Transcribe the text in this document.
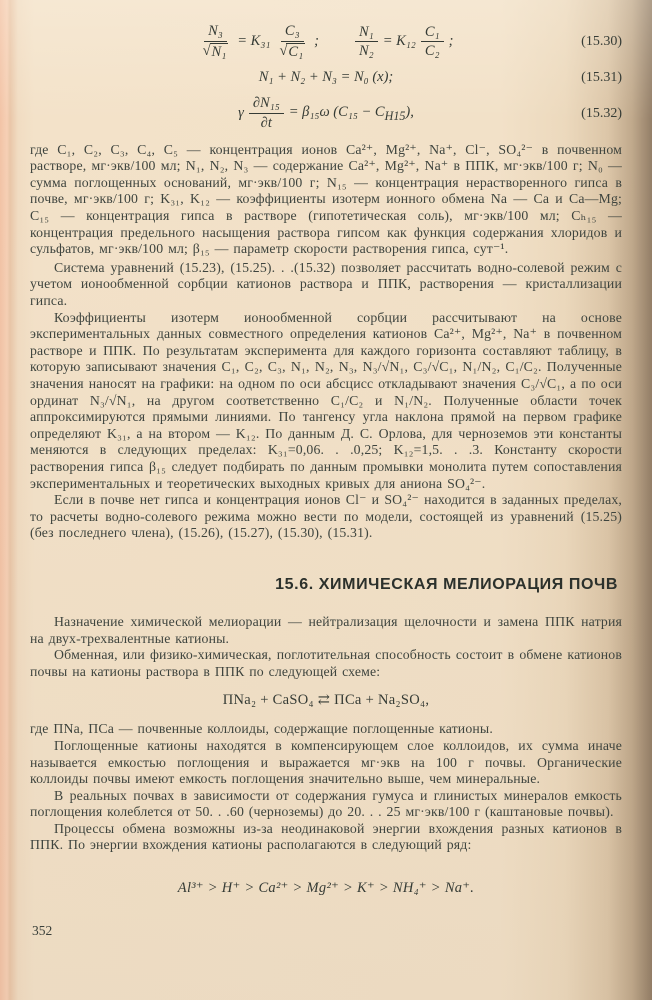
$\frac{\text{N₃}}{\text{√ N₁}} = K_{31} \frac{\text{C₃}}{\text{√ C₁}}$ ; $\frac{\text{N₁}}{\text{N₂}} = K_{12} \frac{\text{C₁}}{\text{C₂}}$ ;	(15.30)
N₁ + N₂ + N₃ = N₀ (x);	(15.31)
γ $\frac{\text{∂N₁₅}}{\partial t} = \beta_{15}\omega$ $(C_{15} - C_{H15})$,	(15.32)

где C₁, C₂, C₃, C₄, C₅ — концентрация ионов Ca²⁺, Mg²⁺, Na⁺, Cl⁻, SO₄²⁻ в почвенном растворе, мг·экв/100 мл; N₁, N₂, N₃ — содержание Ca²⁺, Mg²⁺, Na⁺ в ППК, мг·экв/100 г; N₀ — сумма поглощенных оснований, мг·экв/100 г; N₁₅ — концентрация нерастворенного гипса в почве, мг·экв/100 г; K₃₁, K₁₂ — коэффициенты изотерм ионного обмена Na — Ca и Ca—Mg; C₁₅ — концентрация гипса в растворе (гипотетическая соль), мг·экв/100 мл; Cₕ₁₅ — концентрация предельного насыщения раствора гипсом как функция содержания хлоридов и сульфатов, мг·экв/100 мл; β₁₅ — параметр скорости растворения гипса, сут⁻¹.

Система уравнений (15.23), (15.25). . .(15.32) позволяет рассчитать водно-солевой режим с учетом ионообменной сорбции катионов раствора и ППК, растворения — кристаллизации гипса.

Коэффициенты изотерм ионообменной сорбции рассчитывают на основе экспериментальных данных совместного определения катионов Ca²⁺, Mg²⁺, Na⁺ в почвенном растворе и ППК. По результатам эксперимента для каждого горизонта составляют таблицу, в которую записывают значения C₁, C₂, C₃, N₁, N₂, N₃, N₃/√N₁, C₃/√C₁, N₁/N₂, C₁/C₂. Полученные значения наносят на графики: на одном по оси абсцисс откладывают значения C₃/√C₁, а по оси ординат N₃/√N₁, на другом соответственно C₁/C₂ и N₁/N₂. Полученные области точек аппроксимируются прямыми линиями. По тангенсу угла наклона прямой на первом графике определяют K₃₁, а на втором — K₁₂. По данным Д. С. Орлова, для черноземов эти константы меняются в следующих пределах: K₃₁=0,06. . .0,25; K₁₂=1,5. . .3. Константу скорости растворения гипса β₁₅ следует подбирать по данным промывки монолита путем сопоставления экспериментальных и теоретических выходных кривых для аниона SO₄²⁻.

Если в почве нет гипса и концентрация ионов Cl⁻ и SO₄²⁻ находится в заданных пределах, то расчеты водно-солевого режима можно вести по модели, состоящей из уравнений (15.25) (без последнего члена), (15.26), (15.27), (15.30), (15.31).

15.6. ХИМИЧЕСКАЯ МЕЛИОРАЦИЯ ПОЧВ

Назначение химической мелиорации — нейтрализация щелочности и замена ППК натрия на двух-трехвалентные катионы.

Обменная, или физико-химическая, поглотительная способность состоит в обмене катионов почвы на катионы раствора в ППК по следующей схеме:

ПNa₂ + CaSO₄ ⇄ ПCa + Na₂SO₄,

где ПNa, ПCa — почвенные коллоиды, содержащие поглощенные катионы.

Поглощенные катионы находятся в компенсирующем слое коллоидов, их сумма иначе называется емкостью поглощения и выражается мг·экв на 100 г почвы. Органические коллоиды почвы имеют емкость поглощения значительно выше, чем минеральные.

В реальных почвах в зависимости от содержания гумуса и глинистых минералов емкость поглощения колеблется от 50. . .60 (черноземы) до 20. . . 25 мг·экв/100 г (каштановые почвы).

Процессы обмена возможны из-за неодинаковой энергии вхождения разных катионов в ППК. По энергии вхождения катионы располагаются в следующий ряд:

Al³⁺ > H⁺ > Ca²⁺ > Mg²⁺ > K⁺ > NH₄⁺ > Na⁺.
352
